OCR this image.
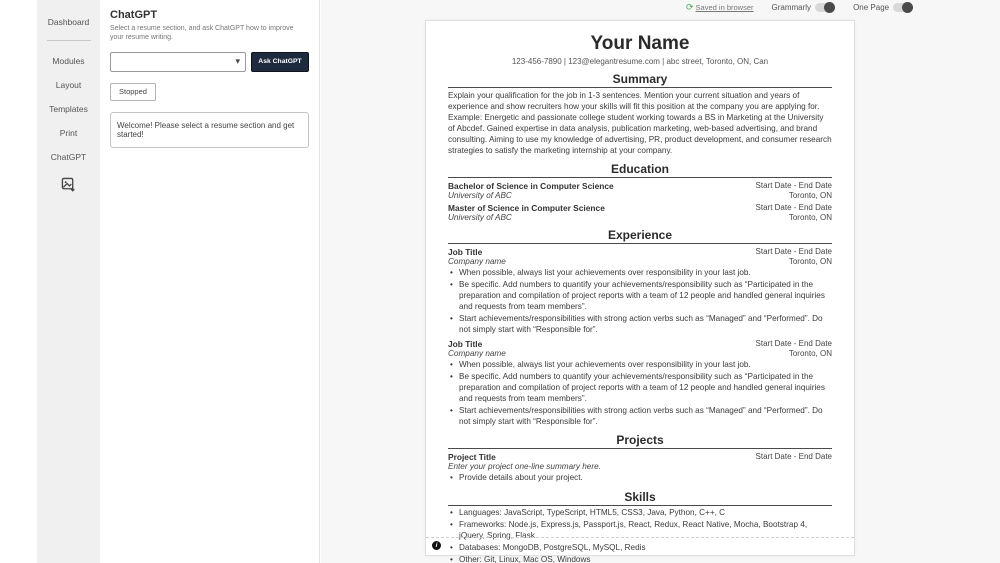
Dashboard
Modules
Layout
Templates
Print
ChatGPT
ChatGPT

Select a resume section, and ask ChatGPT how to improve your resume writing.

▾	Ask ChatGPT
Stopped
Welcome! Please select a resume section and get started!
⟳ Saved in browser Grammarly	One Page
Your Name

123-456-7890 | 123@elegantresume.com | abc street, Toronto, ON, Can

Summary

Explain your qualification for the job in 1-3 sentences. Mention your current situation and years of experience and show recruiters how your skills will fit this position at the company you are applying for. Example: Energetic and passionate college student working towards a BS in Marketing at the University of Abcdef. Gained expertise in data analysis, publication marketing, web-based advertising, and brand consulting. Aiming to use my knowledge of advertising, PR, product development, and consumer research strategies to satisfy the marketing internship at your company.

Education
Bachelor of Science in Computer Science	Start Date - End Date
University of ABC	Toronto, ON
Master of Science in Computer Science	Start Date - End Date
University of ABC	Toronto, ON
Experience
Job Title	Start Date - End Date
Company name	Toronto, ON
• When possible, always list your achievements over responsibility in your last job.
• Be specific. Add numbers to quantify your achievements/responsibility such as “Participated in the preparation and compilation of project reports with a team of 12 people and handled general inquiries and requests from team members”.
• Start achievements/responsibilities with strong action verbs such as “Managed” and “Performed”. Do not simply start with “Responsible for”.
Job Title	Start Date - End Date
Company name	Toronto, ON
• When possible, always list your achievements over responsibility in your last job.
• Be specific. Add numbers to quantify your achievements/responsibility such as “Participated in the preparation and compilation of project reports with a team of 12 people and handled general inquiries and requests from team members”.
• Start achievements/responsibilities with strong action verbs such as “Managed” and “Performed”. Do not simply start with “Responsible for”.
Projects
Project Title	Start Date - End Date
Enter your project one-line summary here.
• Provide details about your project.
Skills
• Languages: JavaScript, TypeScript, HTML5, CSS3, Java, Python, C++, C
• Frameworks: Node.js, Express.js, Passport.js, React, Redux, React Native, Mocha, Bootstrap 4, jQuery, Spring, Flask
• Databases: MongoDB, PostgreSQL, MySQL, Redis
• Other: Git, Linux, Mac OS, Windows
i
